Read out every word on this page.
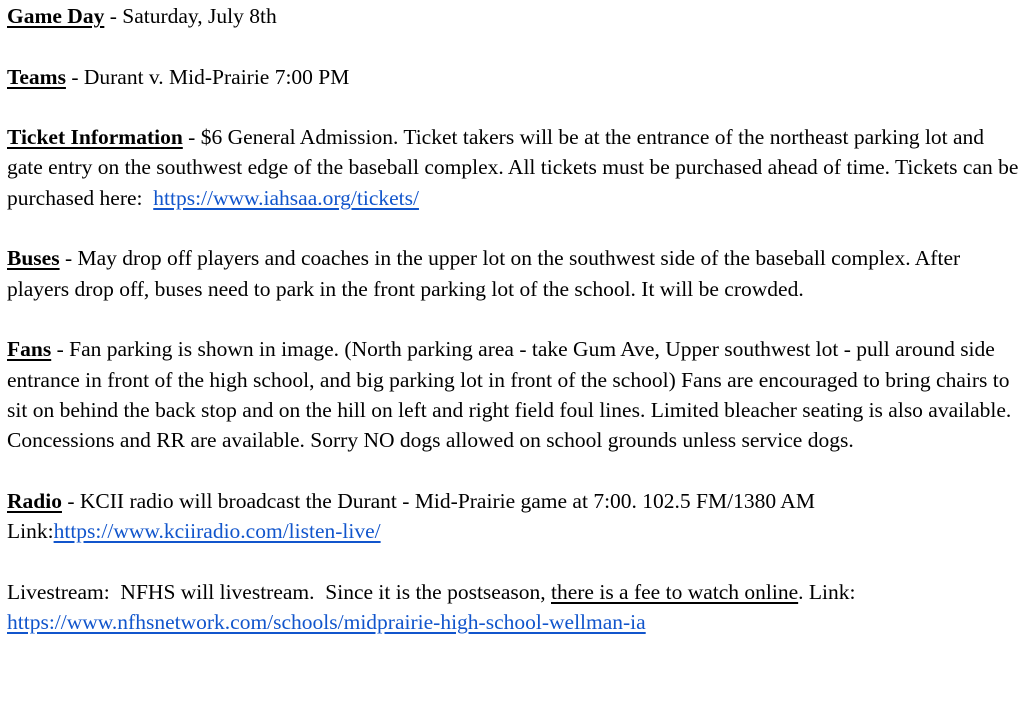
Game Day - Saturday, July 8th

Teams - Durant v. Mid-Prairie 7:00 PM

Ticket Information - $6 General Admission. Ticket takers will be at the entrance of the northeast parking lot and gate entry on the southwest edge of the baseball complex. All tickets must be purchased ahead of time. Tickets can be purchased here:  https://www.iahsaa.org/tickets/

Buses - May drop off players and coaches in the upper lot on the southwest side of the baseball complex. After players drop off, buses need to park in the front parking lot of the school. It will be crowded.

Fans - Fan parking is shown in image. (North parking area - take Gum Ave, Upper southwest lot - pull around side entrance in front of the high school, and big parking lot in front of the school) Fans are encouraged to bring chairs to sit on behind the back stop and on the hill on left and right field foul lines. Limited bleacher seating is also available. Concessions and RR are available. Sorry NO dogs allowed on school grounds unless service dogs.

Radio - KCII radio will broadcast the Durant - Mid-Prairie game at 7:00. 102.5 FM/1380 AM
Link:https://www.kciiradio.com/listen-live/

Livestream:  NFHS will livestream.  Since it is the postseason, there is a fee to watch online. Link:
https://www.nfhsnetwork.com/schools/midprairie-high-school-wellman-ia
